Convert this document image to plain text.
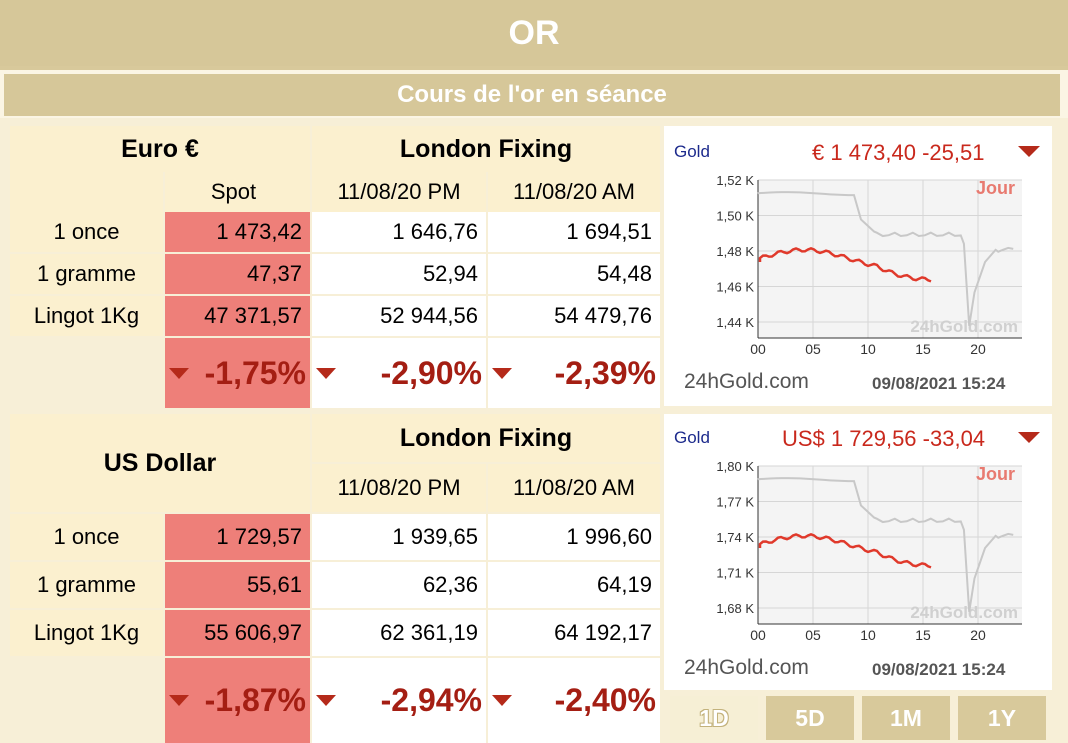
OR
Cours de l'or en séance
Euro €	London Fixing
Spot	11/08/20 PM	11/08/20 AM
1 once	1 473,42	1 646,76	1 694,51
1 gramme	47,37	52,94	54,48
Lingot 1Kg	47 371,57	52 944,56	54 479,76
-1,75% -2,90% -2,39%
US Dollar
London Fixing
11/08/20 PM	11/08/20 AM
1 once	1 729,57	1 939,65	1 996,60
1 gramme	55,61	62,36	64,19
Lingot 1Kg	55 606,97	62 361,19	64 192,17
-1,87% -2,94% -2,40%
1,52 K
1,50 K
1,48 K
1,46 K
1,44 K
00	05	10	15	20
24hGold.com
Gold	€ 1 473,40 -25,51
Jour
24hGold.com	09/08/2021 15:24
1,80 K
1,77 K
1,74 K
1,71 K
1,68 K
00	05	10	15	20
24hGold.com
Gold	US$ 1 729,56 -33,04
Jour
24hGold.com	09/08/2021 15:24
1D	5D	1M	1Y
